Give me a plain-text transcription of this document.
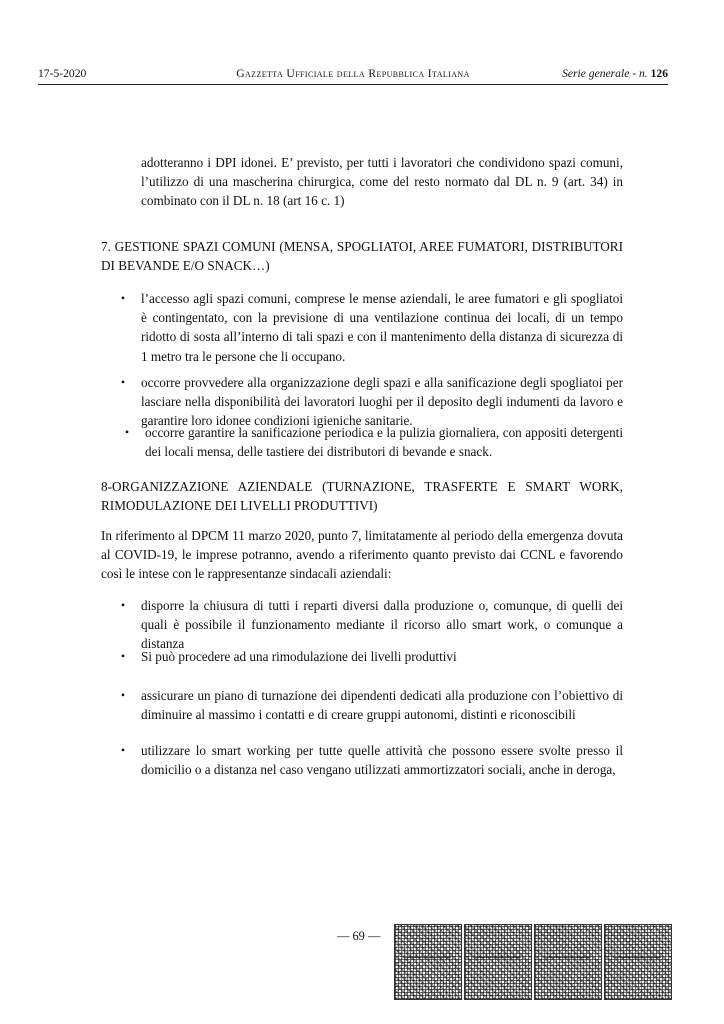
17-5-2020	Gazzetta Ufficiale della Repubblica Italiana	Serie generale - n. 126

adotteranno i DPI idonei. E’ previsto, per tutti i lavoratori che condividono spazi comuni, l’utilizzo di una mascherina chirurgica, come del resto normato dal DL n. 9 (art. 34) in combinato con il DL n. 18 (art 16 c. 1)

7. GESTIONE SPAZI COMUNI (MENSA, SPOGLIATOI, AREE FUMATORI, DISTRIBUTORI DI BEVANDE E/O SNACK…)

• l’accesso agli spazi comuni, comprese le mense aziendali, le aree fumatori e gli spogliatoi è contingentato, con la previsione di una ventilazione continua dei locali, di un tempo ridotto di sosta all’interno di tali spazi e con il mantenimento della distanza di sicurezza di 1 metro tra le persone che li occupano.
• occorre provvedere alla organizzazione degli spazi e alla sanificazione degli spogliatoi per lasciare nella disponibilità dei lavoratori luoghi per il deposito degli indumenti da lavoro e garantire loro idonee condizioni igieniche sanitarie.
• occorre garantire la sanificazione periodica e la pulizia giornaliera, con appositi detergenti dei locali mensa, delle tastiere dei distributori di bevande e snack.

8-ORGANIZZAZIONE AZIENDALE (TURNAZIONE, TRASFERTE E SMART WORK, RIMODULAZIONE DEI LIVELLI PRODUTTIVI)

In riferimento al DPCM 11 marzo 2020, punto 7, limitatamente al periodo della emergenza dovuta al COVID-19, le imprese potranno, avendo a riferimento quanto previsto dai CCNL e favorendo così le intese con le rappresentanze sindacali aziendali:

• disporre la chiusura di tutti i reparti diversi dalla produzione o, comunque, di quelli dei quali è possibile il funzionamento mediante il ricorso allo smart work, o comunque a distanza
• Si può procedere ad una rimodulazione dei livelli produttivi
• assicurare un piano di turnazione dei dipendenti dedicati alla produzione con l’obiettivo di diminuire al massimo i contatti e di creare gruppi autonomi, distinti e riconoscibili
• utilizzare lo smart working per tutte quelle attività che possono essere svolte presso il domicilio o a distanza nel caso vengano utilizzati ammortizzatori sociali, anche in deroga,
— 69 —
